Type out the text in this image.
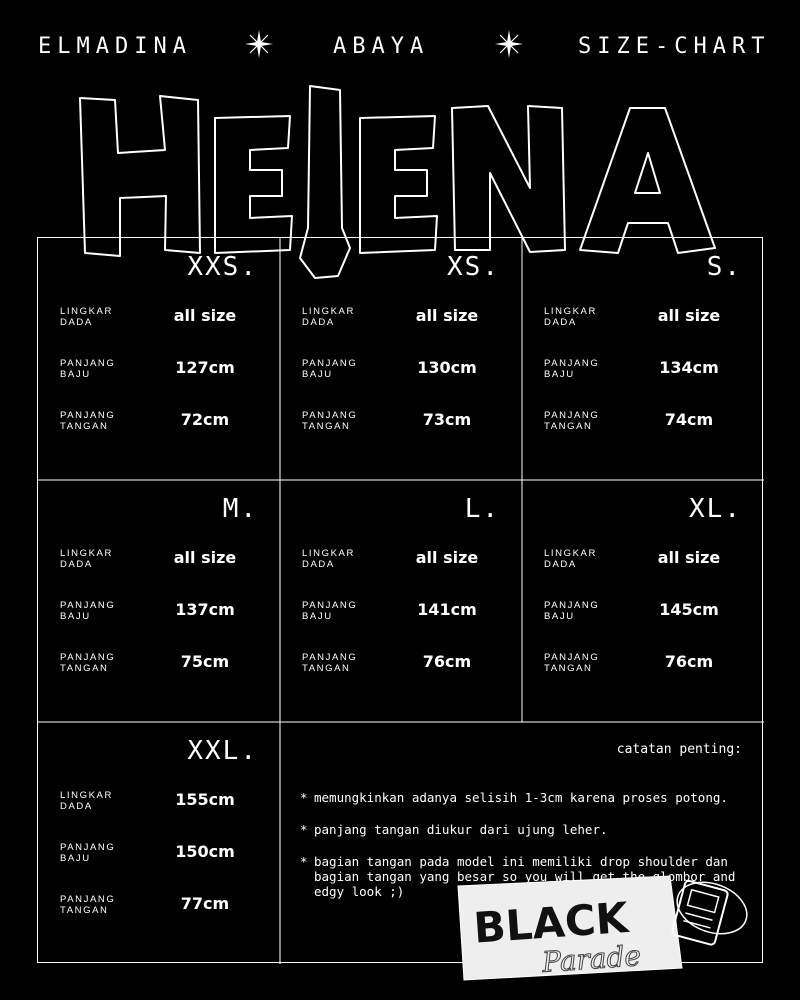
ELMADINA	ABAYA	SIZE-CHART
XXS.
LINGKAR
DADA	all size
PANJANG
BAJU	127cm
PANJANG
TANGAN	72cm
XS.
LINGKAR
DADA	all size
PANJANG
BAJU	130cm
PANJANG
TANGAN	73cm
S.
LINGKAR
DADA	all size
PANJANG
BAJU	134cm
PANJANG
TANGAN	74cm
M.
LINGKAR
DADA	all size
PANJANG
BAJU	137cm
PANJANG
TANGAN	75cm
L.
LINGKAR
DADA	all size
PANJANG
BAJU	141cm
PANJANG
TANGAN	76cm
XL.
LINGKAR
DADA	all size
PANJANG
BAJU	145cm
PANJANG
TANGAN	76cm
XXL.
LINGKAR
DADA	155cm
PANJANG
BAJU	150cm
PANJANG
TANGAN	77cm
catatan penting:
* memungkinkan adanya selisih 1-3cm karena proses potong.
* panjang tangan diukur dari ujung leher.
* bagian tangan pada model ini memiliki drop shoulder dan bagian tangan yang besar so you will get the glombor and edgy look ;)
BLACK
Parade
